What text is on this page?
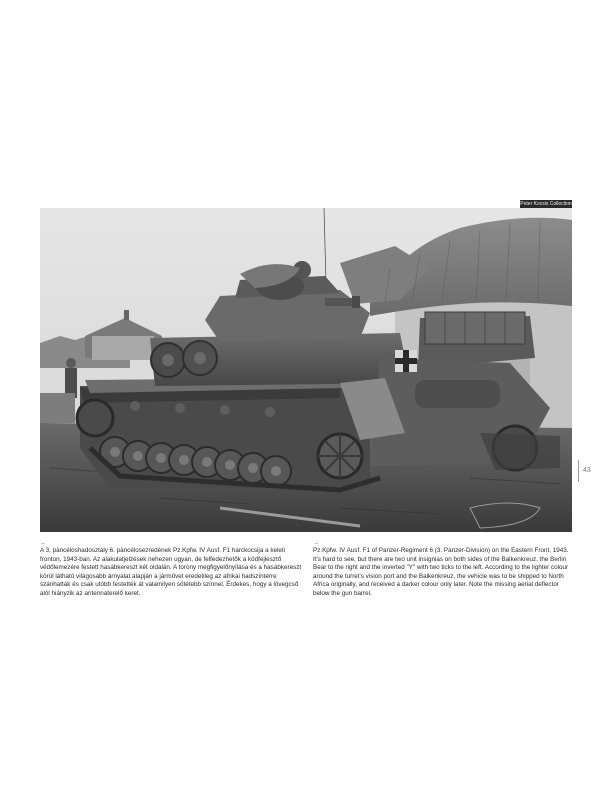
Peter Kocsis Collection
43
→
A 3. páncéloshadosztály 6. páncélosezredének Pz.Kpfw. IV Ausf. F1 harckocsija a keleti fronton, 1943-ban. Az alakulatjelzések nehezen ugyan, de felfedezhetők a ködfejlesztő védőlemezére festett hasábkereszt két oldalán. A torony megfigyelőnyílása és a hasábkereszt körül látható világosabb árnyalat alapján a járművet eredetileg az afrikai hadszíntérre szánhatták és csak utóbb festették át valamilyen sötétebb színnel. Érdekes, hogy a lövegcső alól hiányzik az antennaterelő keret.
→
Pz.Kpfw. IV Ausf. F1 of Panzer-Regiment 6 (3. Panzer-Division) on the Eastern Front, 1943. It's hard to see, but there are two unit insignias on both sides of the Balkenkreuz, the Berlin Bear to the right and the inverted "Y" with two ticks to the left. According to the lighter colour around the turret's vision port and the Balkenkreuz, the vehicle was to be shipped to North Africa originally, and received a darker colour only later. Note the missing aerial deflector below the gun barrel.
